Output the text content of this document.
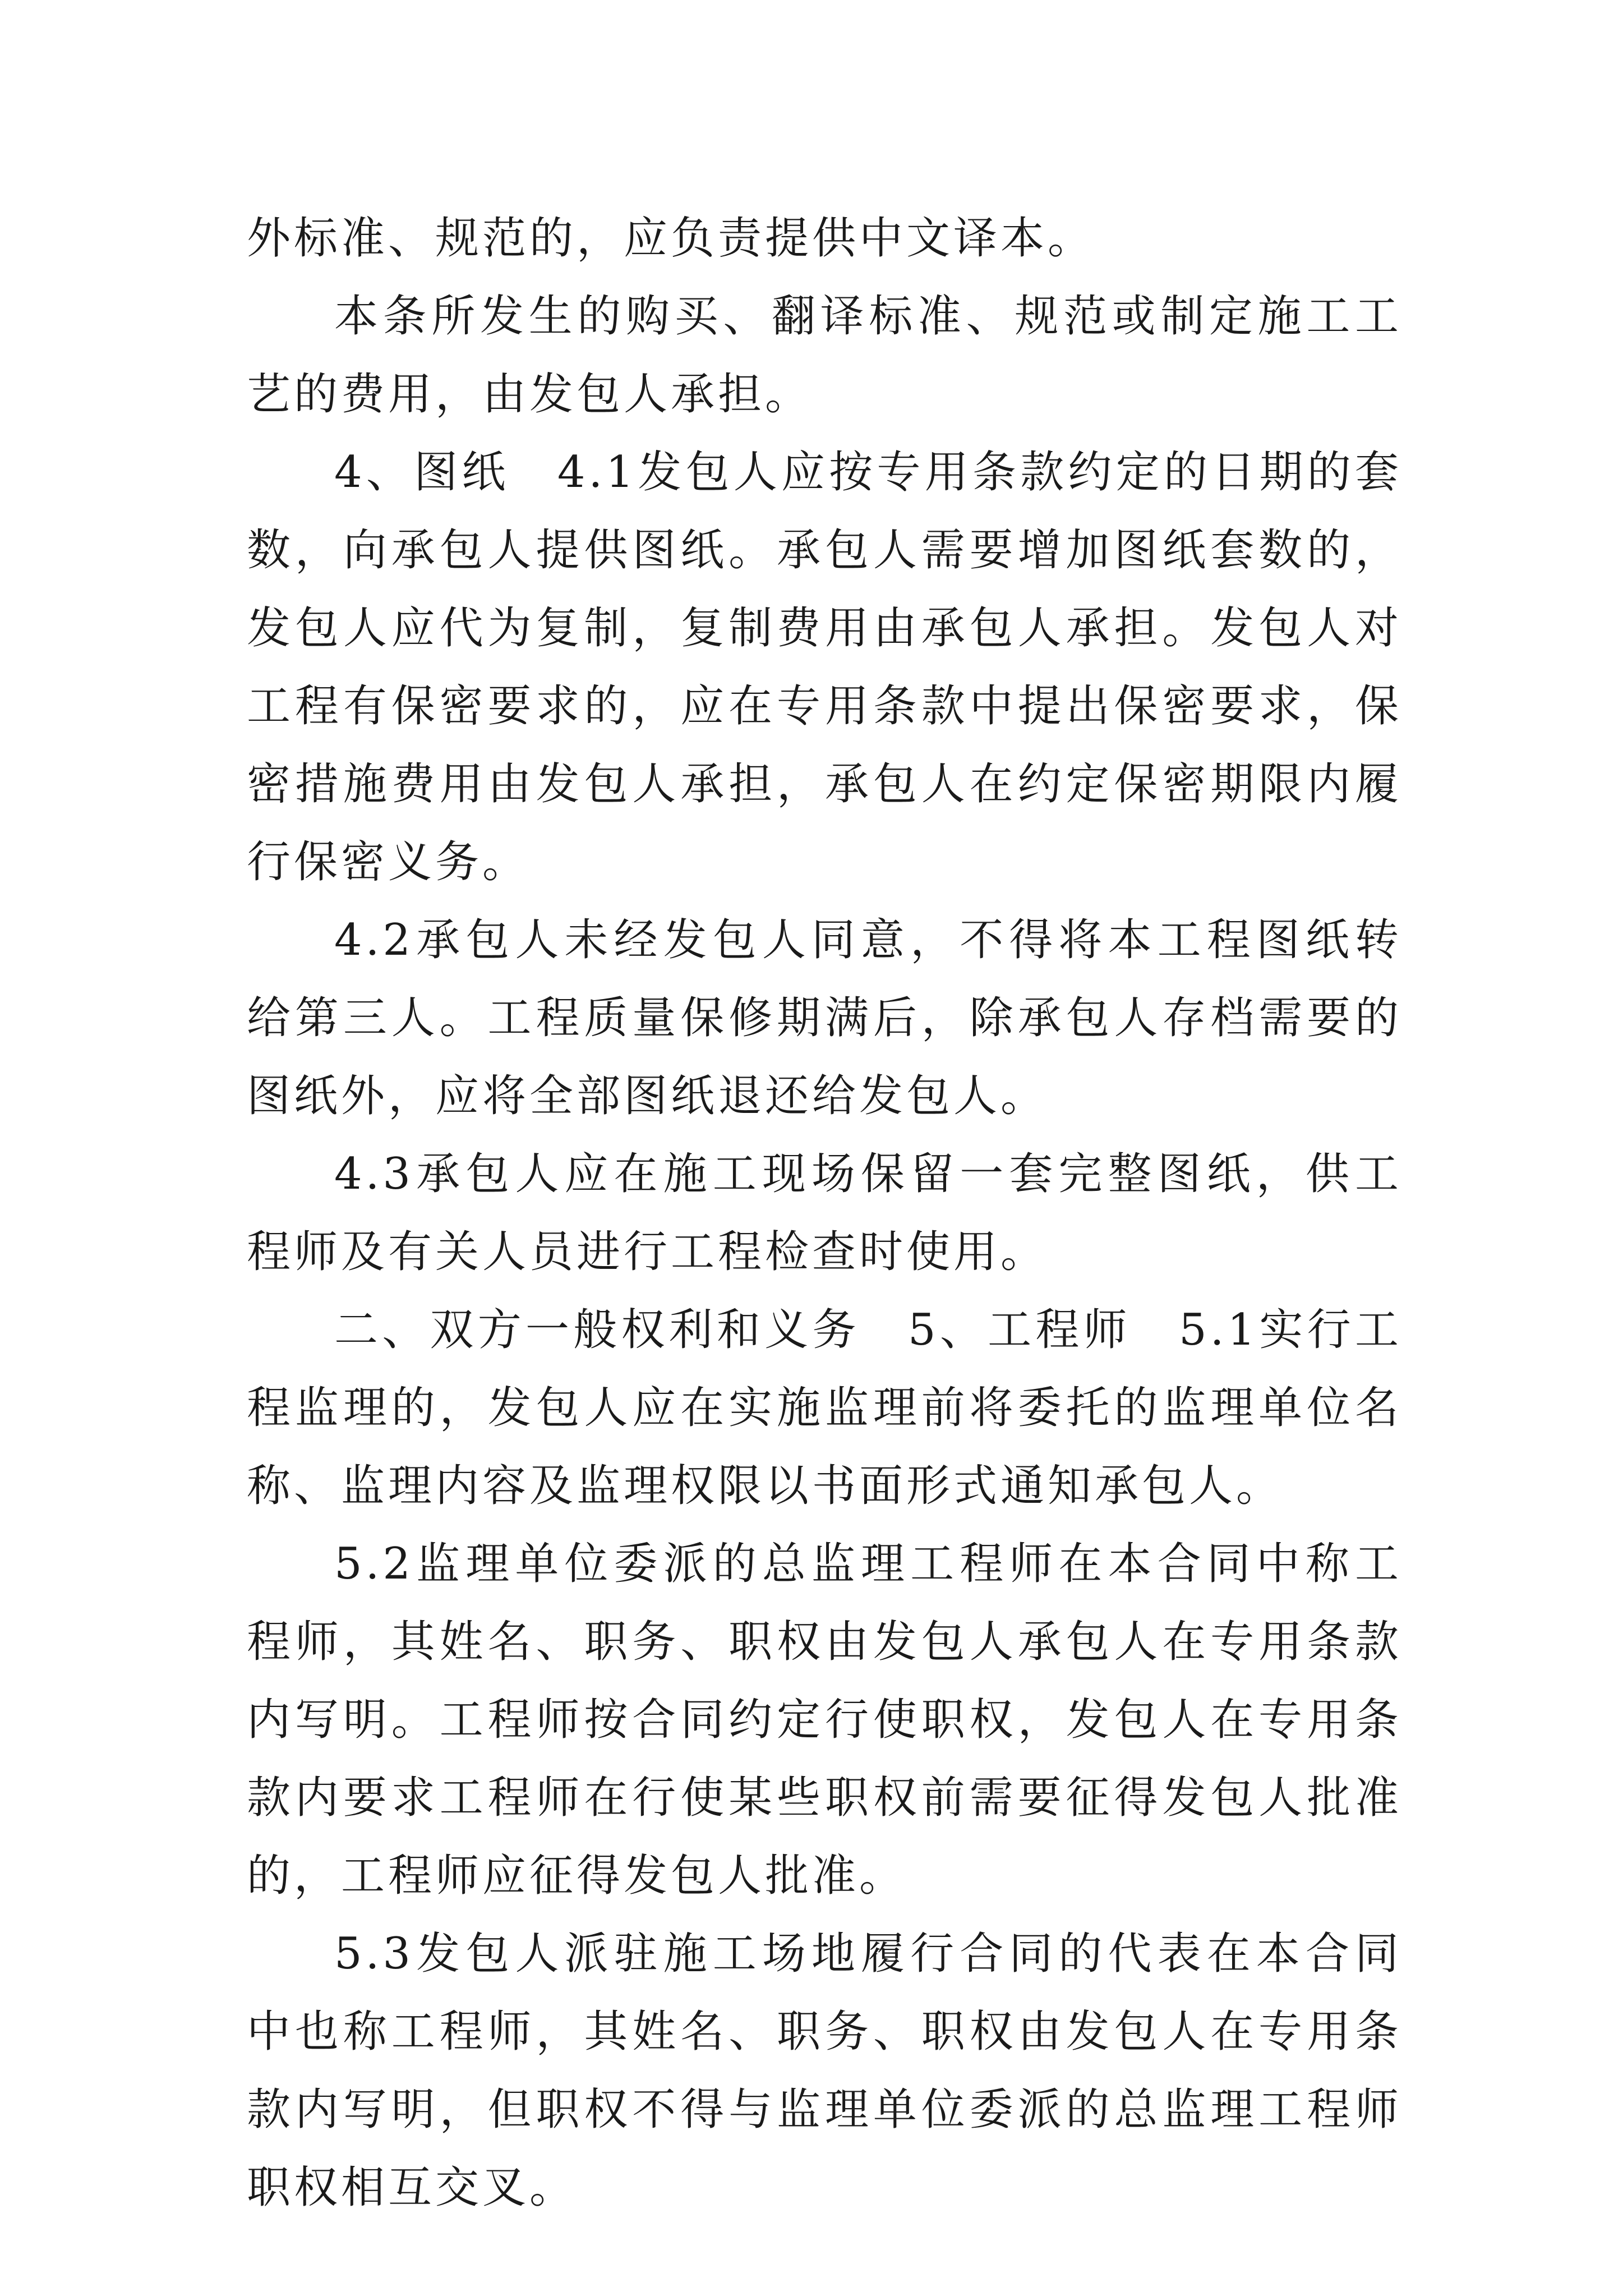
外标准、规范的，应负责提供中文译本。

本条所发生的购买、翻译标准、规范或制定施工工艺的费用，由发包人承担。

4、图纸　4.1发包人应按专用条款约定的日期的套数，向承包人提供图纸。承包人需要增加图纸套数的，发包人应代为复制，复制费用由承包人承担。发包人对工程有保密要求的，应在专用条款中提出保密要求，保密措施费用由发包人承担，承包人在约定保密期限内履行保密义务。

4.2承包人未经发包人同意，不得将本工程图纸转给第三人。工程质量保修期满后，除承包人存档需要的图纸外，应将全部图纸退还给发包人。

4.3承包人应在施工现场保留一套完整图纸，供工程师及有关人员进行工程检查时使用。

二、双方一般权利和义务　5、工程师　5.1实行工程监理的，发包人应在实施监理前将委托的监理单位名称、监理内容及监理权限以书面形式通知承包人。

5.2监理单位委派的总监理工程师在本合同中称工程师，其姓名、职务、职权由发包人承包人在专用条款内写明。工程师按合同约定行使职权，发包人在专用条款内要求工程师在行使某些职权前需要征得发包人批准的，工程师应征得发包人批准。

5.3发包人派驻施工场地履行合同的代表在本合同中也称工程师，其姓名、职务、职权由发包人在专用条款内写明，但职权不得与监理单位委派的总监理工程师职权相互交叉。
